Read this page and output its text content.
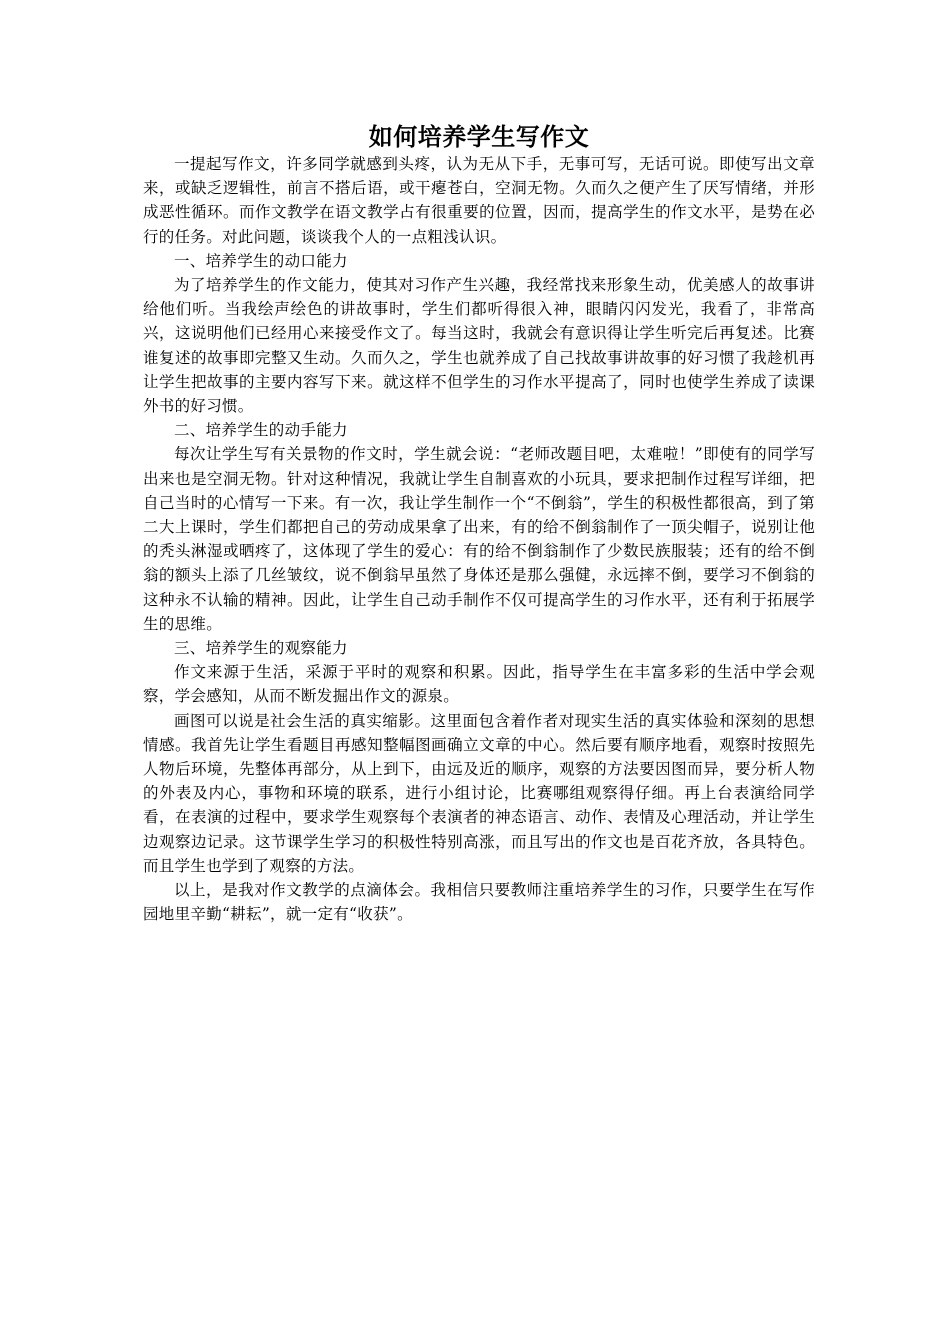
如何培养学生写作文

一提起写作文，许多同学就感到头疼，认为无从下手，无事可写，无话可说。即使写出文章来，或缺乏逻辑性，前言不搭后语，或干瘪苍白，空洞无物。久而久之便产生了厌写情绪，并形成恶性循环。而作文教学在语文教学占有很重要的位置，因而，提高学生的作文水平，是势在必行的任务。对此问题，谈谈我个人的一点粗浅认识。

一、培养学生的动口能力

为了培养学生的作文能力，使其对习作产生兴趣，我经常找来形象生动，优美感人的故事讲给他们听。当我绘声绘色的讲故事时，学生们都听得很入神，眼睛闪闪发光，我看了，非常高兴，这说明他们已经用心来接受作文了。每当这时，我就会有意识得让学生听完后再复述。比赛谁复述的故事即完整又生动。久而久之，学生也就养成了自己找故事讲故事的好习惯了我趁机再让学生把故事的主要内容写下来。就这样不但学生的习作水平提高了，同时也使学生养成了读课外书的好习惯。

二、培养学生的动手能力

每次让学生写有关景物的作文时，学生就会说：“老师改题目吧，太难啦！”即使有的同学写出来也是空洞无物。针对这种情况，我就让学生自制喜欢的小玩具，要求把制作过程写详细，把自己当时的心情写一下来。有一次，我让学生制作一个“不倒翁”，学生的积极性都很高，到了第二大上课时，学生们都把自己的劳动成果拿了出来，有的给不倒翁制作了一顶尖帽子，说别让他的秃头淋湿或晒疼了，这体现了学生的爱心：有的给不倒翁制作了少数民族服装；还有的给不倒翁的额头上添了几丝皱纹，说不倒翁早虽然了身体还是那么强健，永远摔不倒，要学习不倒翁的这种永不认输的精神。因此，让学生自己动手制作不仅可提高学生的习作水平，还有利于拓展学生的思维。

三、培养学生的观察能力

作文来源于生活，采源于平时的观察和积累。因此，指导学生在丰富多彩的生活中学会观察，学会感知，从而不断发掘出作文的源泉。

画图可以说是社会生活的真实缩影。这里面包含着作者对现实生活的真实体验和深刻的思想情感。我首先让学生看题目再感知整幅图画确立文章的中心。然后要有顺序地看，观察时按照先人物后环境，先整体再部分，从上到下，由远及近的顺序，观察的方法要因图而异，要分析人物的外表及内心，事物和环境的联系，进行小组讨论，比赛哪组观察得仔细。再上台表演给同学看，在表演的过程中，要求学生观察每个表演者的神态语言、动作、表情及心理活动，并让学生边观察边记录。这节课学生学习的积极性特别高涨，而且写出的作文也是百花齐放，各具特色。而且学生也学到了观察的方法。

以上，是我对作文教学的点滴体会。我相信只要教师注重培养学生的习作，只要学生在写作园地里辛勤“耕耘”，就一定有“收获”。
